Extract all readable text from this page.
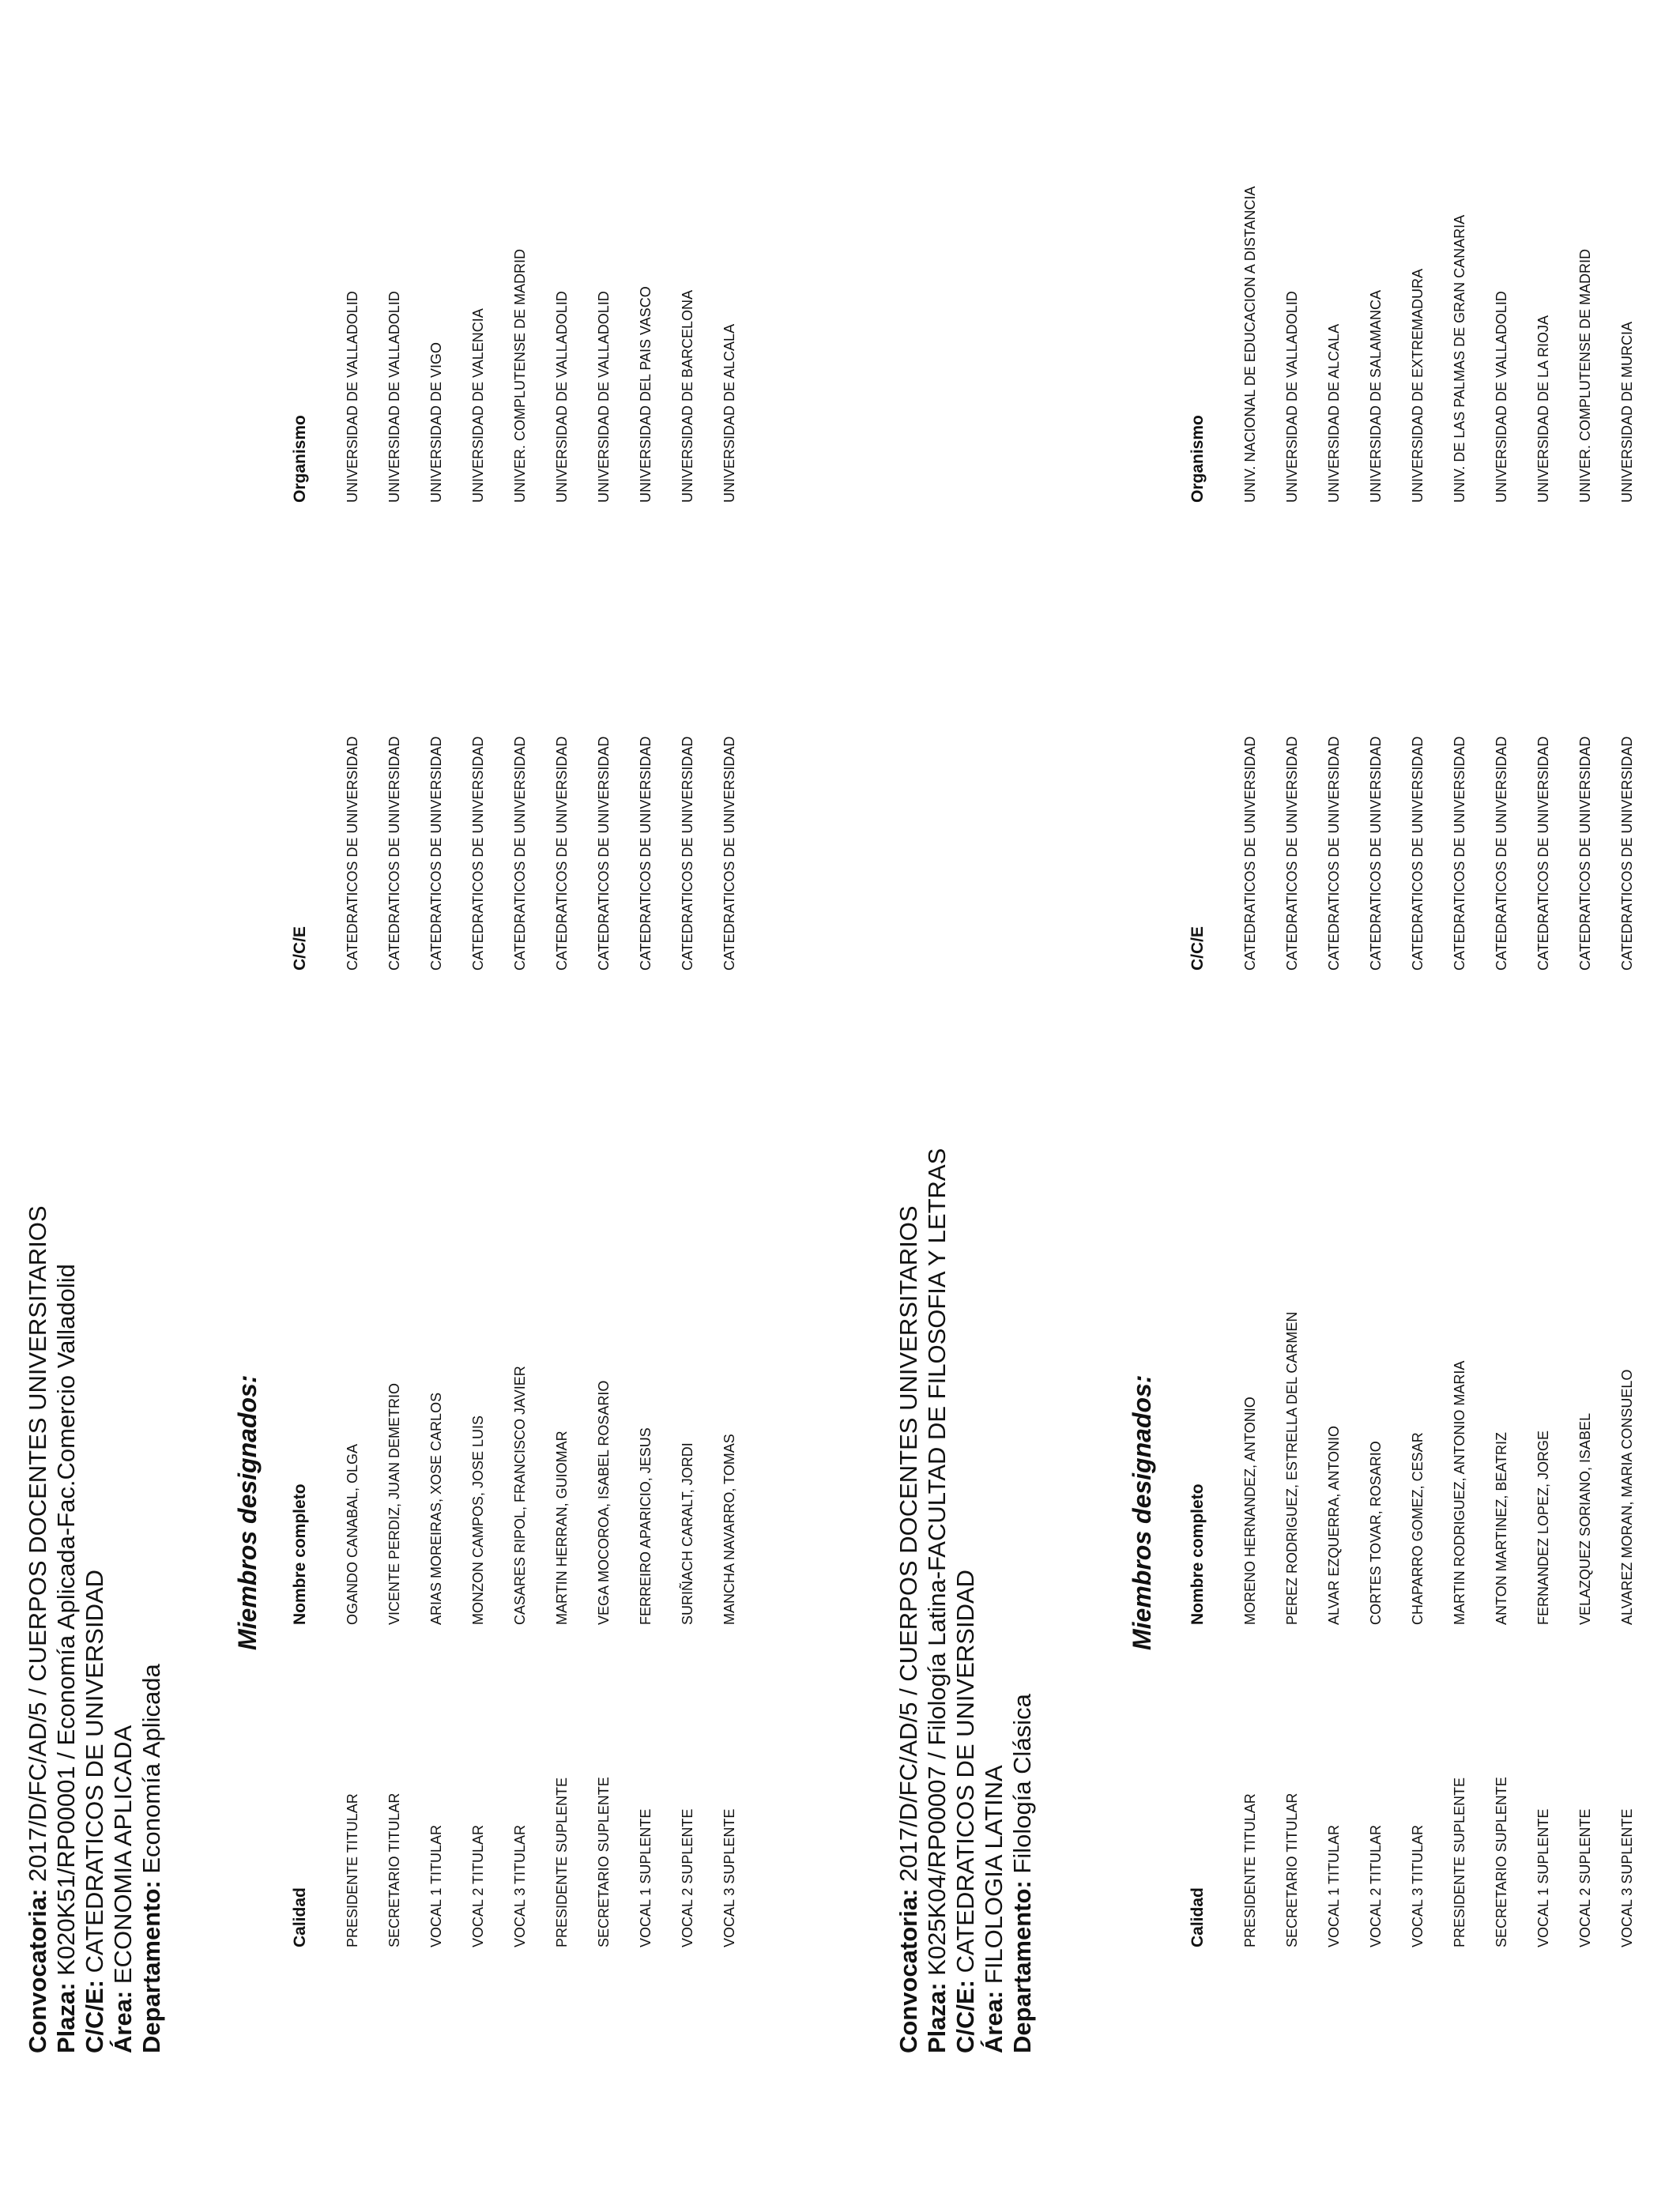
Convocatoria: 2017/D/FC/AD/5 / CUERPOS DOCENTES UNIVERSITARIOS
Plaza: K020K51/RP00001 / Economía Aplicada-Fac.Comercio Valladolid
C/C/E: CATEDRATICOS DE UNIVERSIDAD
Área: ECONOMIA APLICADA Departamento: Economía Aplicada
Miembros designados:
Calidad
Nombre completo
C/C/E
Organismo
PRESIDENTE TITULAR
OGANDO CANABAL, OLGA
CATEDRATICOS DE UNIVERSIDAD
UNIVERSIDAD DE VALLADOLID
SECRETARIO TITULAR
VICENTE PERDIZ, JUAN DEMETRIO
CATEDRATICOS DE UNIVERSIDAD
UNIVERSIDAD DE VALLADOLID
VOCAL 1 TITULAR
ARIAS MOREIRAS, XOSE CARLOS
CATEDRATICOS DE UNIVERSIDAD
UNIVERSIDAD DE VIGO
VOCAL 2 TITULAR
MONZON CAMPOS, JOSE LUIS
CATEDRATICOS DE UNIVERSIDAD
UNIVERSIDAD DE VALENCIA
VOCAL 3 TITULAR
CASARES RIPOL, FRANCISCO JAVIER
CATEDRATICOS DE UNIVERSIDAD
UNIVER. COMPLUTENSE DE MADRID
PRESIDENTE SUPLENTE
MARTIN HERRAN, GUIOMAR
CATEDRATICOS DE UNIVERSIDAD
UNIVERSIDAD DE VALLADOLID
SECRETARIO SUPLENTE
VEGA MOCOROA, ISABEL ROSARIO
CATEDRATICOS DE UNIVERSIDAD
UNIVERSIDAD DE VALLADOLID
VOCAL 1 SUPLENTE
FERREIRO APARICIO, JESUS
CATEDRATICOS DE UNIVERSIDAD
UNIVERSIDAD DEL PAIS VASCO
VOCAL 2 SUPLENTE
SURIÑACH CARALT, JORDI
CATEDRATICOS DE UNIVERSIDAD
UNIVERSIDAD DE BARCELONA
VOCAL 3 SUPLENTE
MANCHA NAVARRO, TOMAS
CATEDRATICOS DE UNIVERSIDAD
UNIVERSIDAD DE ALCALA
Convocatoria: 2017/D/FC/AD/5 / CUERPOS DOCENTES UNIVERSITARIOS
Plaza: K025K04/RP00007 / Filología Latina-FACULTAD DE FILOSOFIA Y LETRAS
C/C/E: CATEDRATICOS DE UNIVERSIDAD
Área: FILOLOGIA LATINA Departamento: Filología Clásica
Miembros designados:
Calidad
Nombre completo
C/C/E
Organismo
PRESIDENTE TITULAR
MORENO HERNANDEZ, ANTONIO
CATEDRATICOS DE UNIVERSIDAD
UNIV. NACIONAL DE EDUCACION A DISTANCIA
SECRETARIO TITULAR
PEREZ RODRIGUEZ, ESTRELLA DEL CARMEN
CATEDRATICOS DE UNIVERSIDAD
UNIVERSIDAD DE VALLADOLID
VOCAL 1 TITULAR
ALVAR EZQUERRA, ANTONIO
CATEDRATICOS DE UNIVERSIDAD
UNIVERSIDAD DE ALCALA
VOCAL 2 TITULAR
CORTES TOVAR, ROSARIO
CATEDRATICOS DE UNIVERSIDAD
UNIVERSIDAD DE SALAMANCA
VOCAL 3 TITULAR
CHAPARRO GOMEZ, CESAR
CATEDRATICOS DE UNIVERSIDAD
UNIVERSIDAD DE EXTREMADURA
PRESIDENTE SUPLENTE
MARTIN RODRIGUEZ, ANTONIO MARIA
CATEDRATICOS DE UNIVERSIDAD
UNIV. DE LAS PALMAS DE GRAN CANARIA
SECRETARIO SUPLENTE
ANTON MARTINEZ, BEATRIZ
CATEDRATICOS DE UNIVERSIDAD
UNIVERSIDAD DE VALLADOLID
VOCAL 1 SUPLENTE
FERNANDEZ LOPEZ, JORGE
CATEDRATICOS DE UNIVERSIDAD
UNIVERSIDAD DE LA RIOJA
VOCAL 2 SUPLENTE
VELAZQUEZ SORIANO, ISABEL
CATEDRATICOS DE UNIVERSIDAD
UNIVER. COMPLUTENSE DE MADRID
VOCAL 3 SUPLENTE
ALVAREZ MORAN, MARIA CONSUELO
CATEDRATICOS DE UNIVERSIDAD
UNIVERSIDAD DE MURCIA
